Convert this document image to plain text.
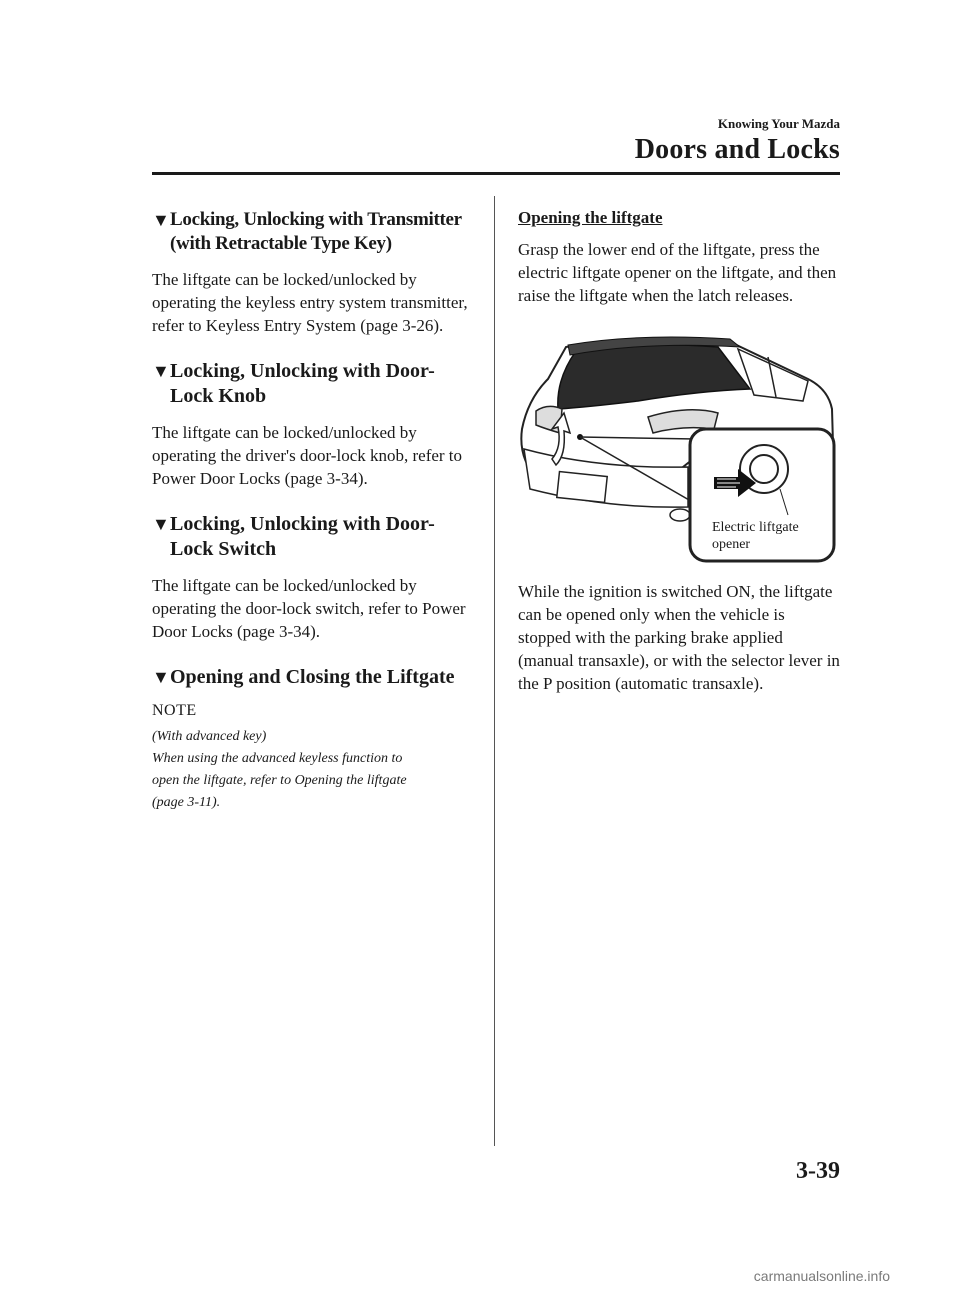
Knowing Your Mazda
Doors and Locks
▼ Locking, Unlocking with Transmitter
(with Retractable Type Key)

The liftgate can be locked/unlocked by operating the keyless entry system transmitter, refer to Keyless Entry System (page 3-26).

▼ Locking, Unlocking with Door-
Lock Knob

The liftgate can be locked/unlocked by operating the driver's door-lock knob, refer to Power Door Locks (page 3-34).

▼ Locking, Unlocking with Door-
Lock Switch

The liftgate can be locked/unlocked by operating the door-lock switch, refer to Power Door Locks (page 3-34).

▼ Opening and Closing the Liftgate
NOTE

(With advanced key)

When using the advanced keyless function to

open the liftgate, refer to Opening the liftgate

(page 3-11).

Opening the liftgate

Grasp the lower end of the liftgate, press the electric liftgate opener on the liftgate, and then raise the liftgate when the latch releases.

Electric liftgate
opener

While the ignition is switched ON, the liftgate can be opened only when the vehicle is stopped with the parking brake applied (manual transaxle), or with the selector lever in the P position (automatic transaxle).

3-39
carmanualsonline.info
